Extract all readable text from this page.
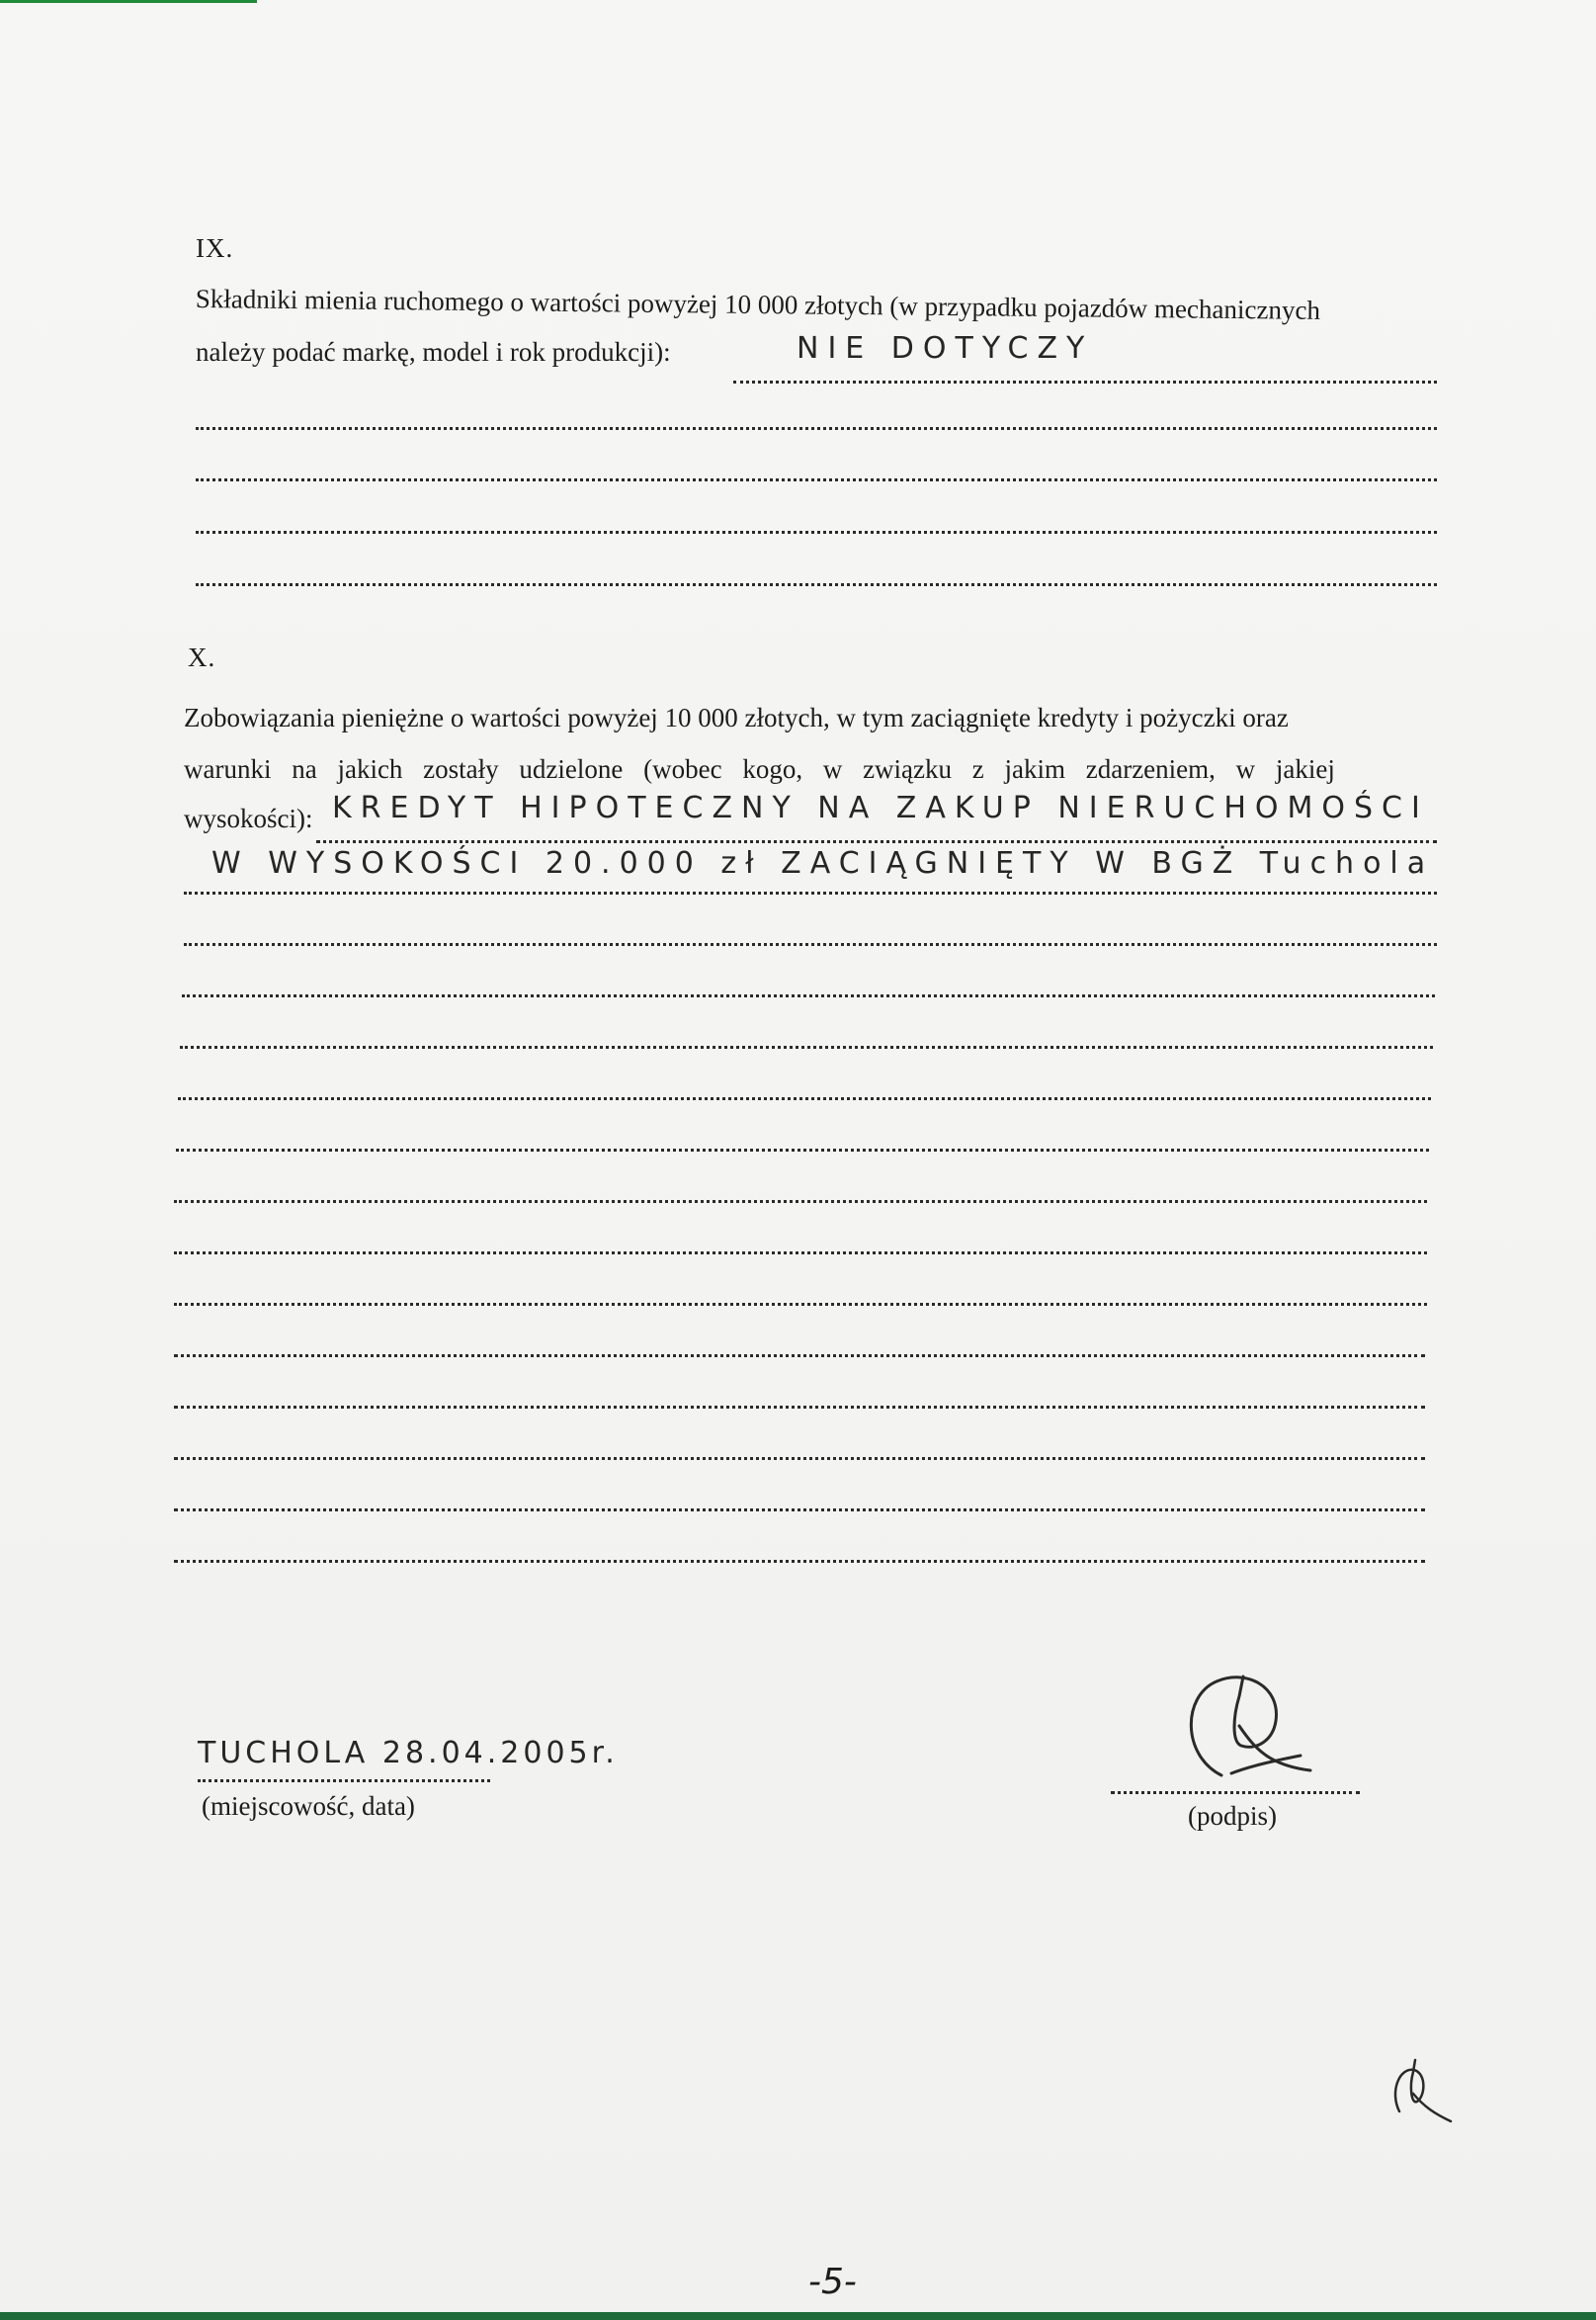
IX.
Składniki mienia ruchomego o wartości powyżej 10 000 złotych (w przypadku pojazdów mechanicznych
należy podać markę, model i rok produkcji):	NIE DOTYCZY
X.
Zobowiązania pieniężne o wartości powyżej 10 000 złotych, w tym zaciągnięte kredyty i pożyczki oraz
warunki na jakich zostały udzielone (wobec kogo, w związku z jakim zdarzeniem, w jakiej
wysokości): KREDYT HIPOTECZNY NA ZAKUP NIERUCHOMOŚCI
W WYSOKOŚCI 20.000 zł ZACIĄGNIĘTY W BGŻ Tuchola
TUCHOLA 28.04.2005r.
(miejscowość, data)	(podpis)
-5-
